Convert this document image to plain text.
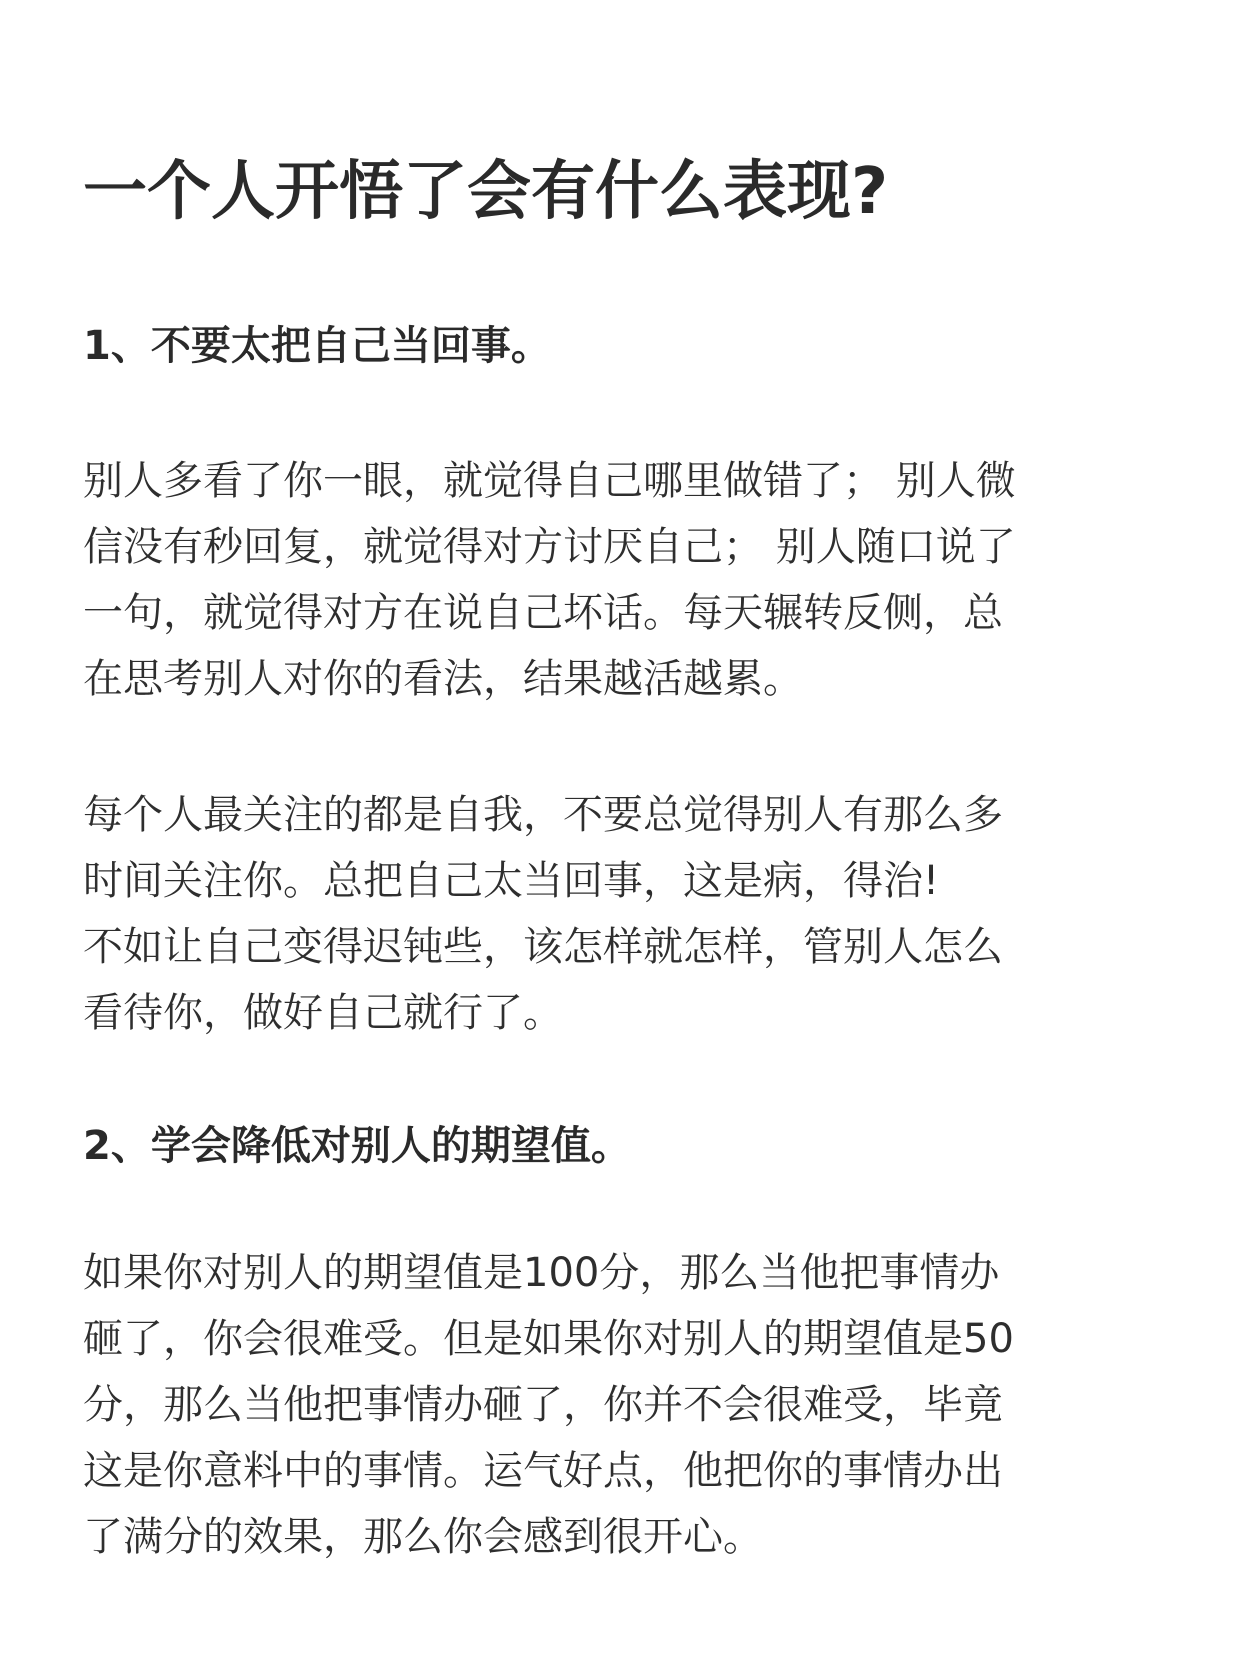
一个人开悟了会有什么表现?
1、不要太把自己当回事。
别人多看了你一眼，就觉得自己哪里做错了； 别人微
信没有秒回复，就觉得对方讨厌自己； 别人随口说了
一句，就觉得对方在说自己坏话。每天辗转反侧，总
在思考别人对你的看法，结果越活越累。
每个人最关注的都是自我，不要总觉得别人有那么多
时间关注你。总把自己太当回事，这是病，得治!
不如让自己变得迟钝些，该怎样就怎样，管别人怎么
看待你，做好自己就行了。
2、学会降低对别人的期望值。
如果你对别人的期望值是100分，那么当他把事情办
砸了，你会很难受。但是如果你对别人的期望值是50
分，那么当他把事情办砸了，你并不会很难受，毕竟
这是你意料中的事情。运气好点，他把你的事情办出
了满分的效果，那么你会感到很开心。
